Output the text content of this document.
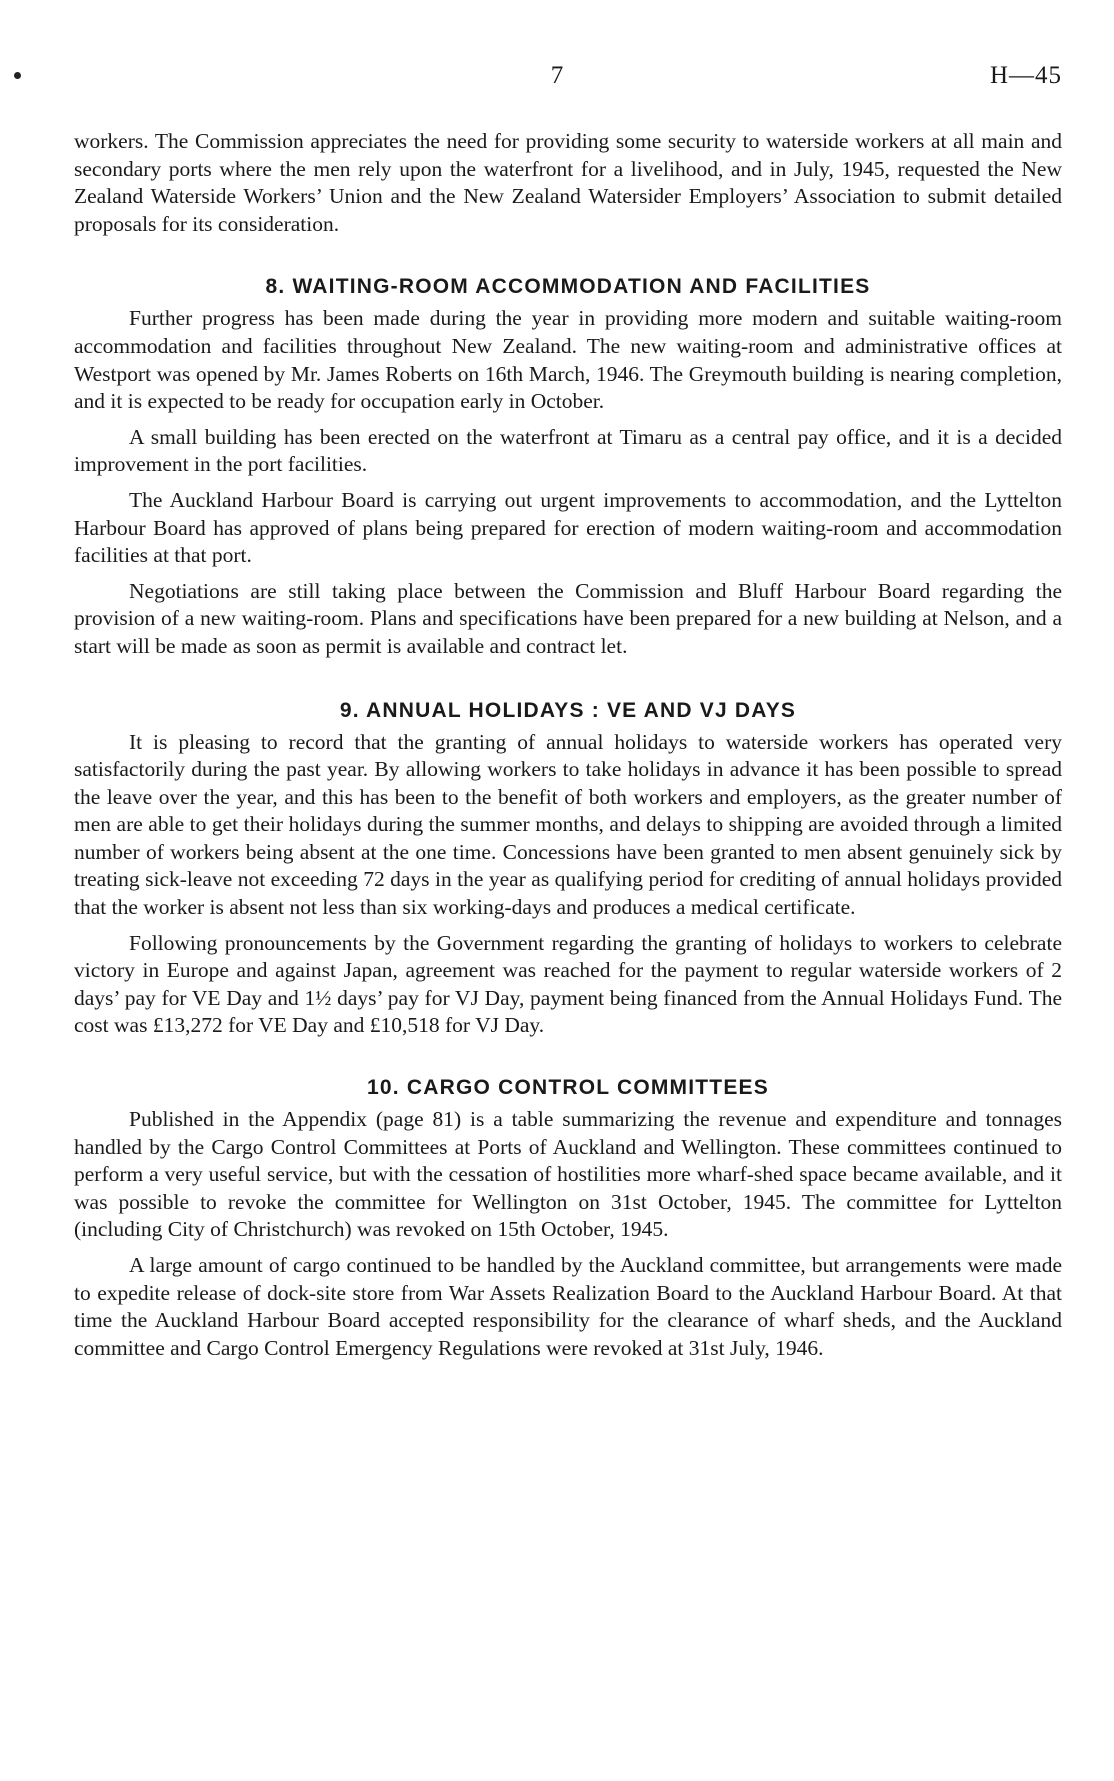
7	H—45

workers. The Commission appreciates the need for providing some security to waterside workers at all main and secondary ports where the men rely upon the waterfront for a livelihood, and in July, 1945, requested the New Zealand Waterside Workers’ Union and the New Zealand Watersider Employers’ Association to submit detailed proposals for its consideration.

8. WAITING-ROOM ACCOMMODATION AND FACILITIES

Further progress has been made during the year in providing more modern and suitable waiting-room accommodation and facilities throughout New Zealand. The new waiting-room and administrative offices at Westport was opened by Mr. James Roberts on 16th March, 1946. The Greymouth building is nearing completion, and it is expected to be ready for occupation early in October.

A small building has been erected on the waterfront at Timaru as a central pay office, and it is a decided improvement in the port facilities.

The Auckland Harbour Board is carrying out urgent improvements to accommodation, and the Lyttelton Harbour Board has approved of plans being prepared for erection of modern waiting-room and accommodation facilities at that port.

Negotiations are still taking place between the Commission and Bluff Harbour Board regarding the provision of a new waiting-room. Plans and specifications have been prepared for a new building at Nelson, and a start will be made as soon as permit is available and contract let.

9. ANNUAL HOLIDAYS : VE AND VJ DAYS

It is pleasing to record that the granting of annual holidays to waterside workers has operated very satisfactorily during the past year. By allowing workers to take holidays in advance it has been possible to spread the leave over the year, and this has been to the benefit of both workers and employers, as the greater number of men are able to get their holidays during the summer months, and delays to shipping are avoided through a limited number of workers being absent at the one time. Concessions have been granted to men absent genuinely sick by treating sick-leave not exceeding 72 days in the year as qualifying period for crediting of annual holidays provided that the worker is absent not less than six working-days and produces a medical certificate.

Following pronouncements by the Government regarding the granting of holidays to workers to celebrate victory in Europe and against Japan, agreement was reached for the payment to regular waterside workers of 2 days’ pay for VE Day and 1½ days’ pay for VJ Day, payment being financed from the Annual Holidays Fund. The cost was £13,272 for VE Day and £10,518 for VJ Day.

10. CARGO CONTROL COMMITTEES

Published in the Appendix (page 81) is a table summarizing the revenue and expenditure and tonnages handled by the Cargo Control Committees at Ports of Auckland and Wellington. These committees continued to perform a very useful service, but with the cessation of hostilities more wharf-shed space became available, and it was possible to revoke the committee for Wellington on 31st October, 1945. The committee for Lyttelton (including City of Christchurch) was revoked on 15th October, 1945.

A large amount of cargo continued to be handled by the Auckland committee, but arrangements were made to expedite release of dock-site store from War Assets Realization Board to the Auckland Harbour Board. At that time the Auckland Harbour Board accepted responsibility for the clearance of wharf sheds, and the Auckland committee and Cargo Control Emergency Regulations were revoked at 31st July, 1946.
